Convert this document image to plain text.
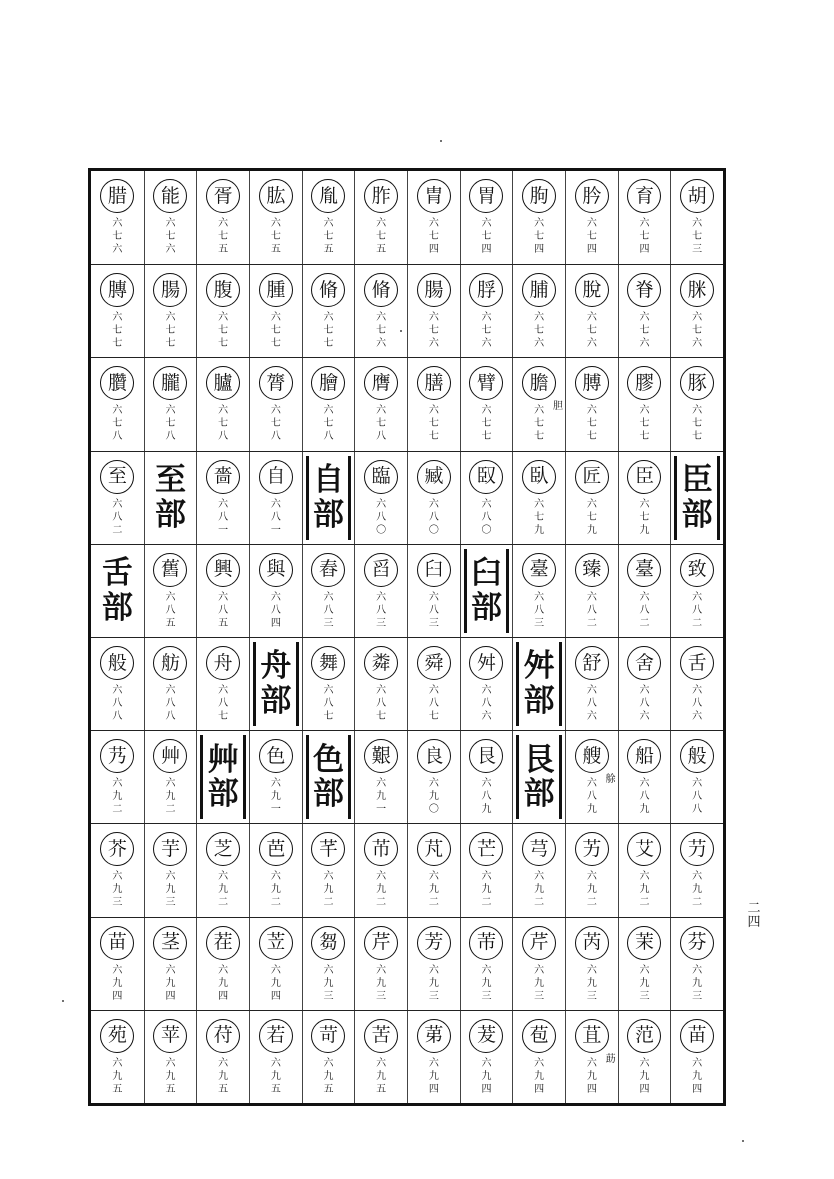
腊
六
七
六
能
六
七
六
胥
六
七
五
肱
六
七
五
胤
六
七
五
胙
六
七
五
胄
六
七
四
胃
六
七
四
朐
六
七
四
肣
六
七
四
育
六
七
四
胡
六
七
三
膞
六
七
七
腸
六
七
七
腹
六
七
七
腫
六
七
七
脩
六
七
七
脩
六
七
六
腸
六
七
六
脬
六
七
六
脯
六
七
六
脫
六
七
六
脊
六
七
六
脒
六
七
六
臢
六
七
八
朧
六
七
八
臚
六
七
八
膂
六
七
八
膾
六
七
八
膺
六
七
八
膳
六
七
七
臂
六
七
七
膽
六
七
七
胆
膊
六
七
七
膠
六
七
七
豚
六
七
七
至
六
八
二
至
部
嗇
六
八
一
自
六
八
一
自
部
臨
六
八
〇
臧
六
八
〇
臤
六
八
〇
臥
六
七
九
匠
六
七
九
臣
六
七
九
臣
部
舌
部
舊
六
八
五
興
六
八
五
與
六
八
四
舂
六
八
三
舀
六
八
三
臼
六
八
三
臼
部
臺
六
八
三
臻
六
八
二
臺
六
八
二
致
六
八
二
般
六
八
八
舫
六
八
八
舟
六
八
七
舟
部
舞
六
八
七
粦
六
八
七
舜
六
八
七
舛
六
八
六
舛
部
舒
六
八
六
舍
六
八
六
舌
六
八
六
艿
六
九
二
艸
六
九
二
艸
部
色
六
九
一
色
部
艱
六
九
一
良
六
九
〇
艮
六
八
九
艮
部
艘
六
八
九
艅
船
六
八
九
般
六
八
八
芥
六
九
三
芋
六
九
三
芝
六
九
二
芭
六
九
二
芊
六
九
二
芇
六
九
二
芃
六
九
二
芒
六
九
二
芎
六
九
二
艻
六
九
二
艾
六
九
二
芀
六
九
二
苗
六
九
四
茎
六
九
四
茬
六
九
四
苙
六
九
四
芻
六
九
三
芹
六
九
三
芳
六
九
三
芾
六
九
三
芹
六
九
三
芮
六
九
三
茉
六
九
三
芬
六
九
三
苑
六
九
五
苹
六
九
五
苻
六
九
五
若
六
九
五
苛
六
九
五
苦
六
九
五
苐
六
九
四
茇
六
九
四
苞
六
九
四
苴
六
九
四
莇
范
六
九
四
苗
六
九
四
二
四
